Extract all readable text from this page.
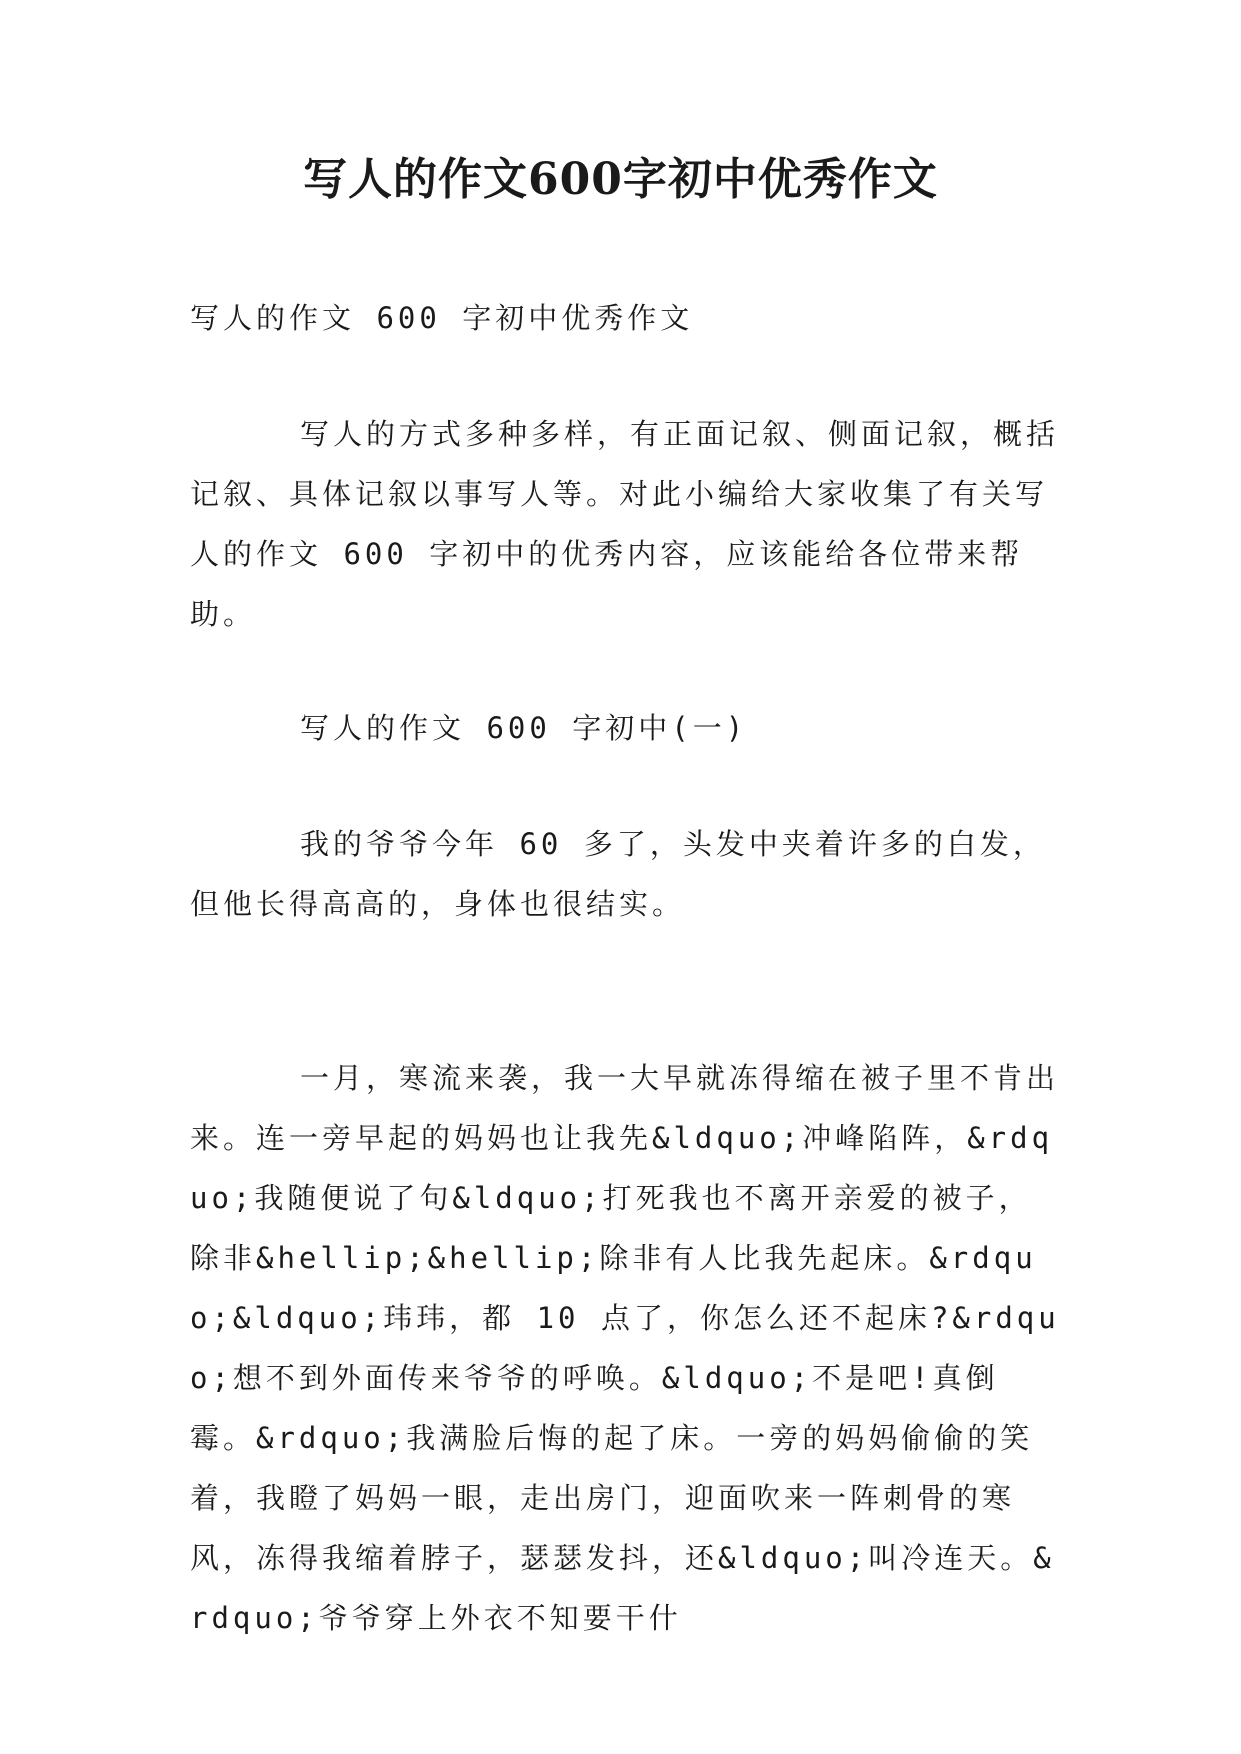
写人的作文600字初中优秀作文

写人的作文 600 字初中优秀作文

写人的方式多种多样，有正面记叙、侧面记叙，概括记叙、具体记叙以事写人等。对此小编给大家收集了有关写人的作文 600 字初中的优秀内容，应该能给各位带来帮助。

写人的作文 600 字初中(一)

我的爷爷今年 60 多了，头发中夹着许多的白发，但他长得高高的，身体也很结实。

一月，寒流来袭，我一大早就冻得缩在被子里不肯出来。连一旁早起的妈妈也让我先&ldquo;冲峰陷阵，&rdquo;我随便说了句&ldquo;打死我也不离开亲爱的被子，除非&hellip;&hellip;除非有人比我先起床。&rdquo;&ldquo;玮玮，都 10 点了，你怎么还不起床?&rdquo;想不到外面传来爷爷的呼唤。&ldquo;不是吧!真倒霉。&rdquo;我满脸后悔的起了床。一旁的妈妈偷偷的笑着，我瞪了妈妈一眼，走出房门，迎面吹来一阵刺骨的寒风，冻得我缩着脖子，瑟瑟发抖，还&ldquo;叫冷连天。&rdquo;爷爷穿上外衣不知要干什
